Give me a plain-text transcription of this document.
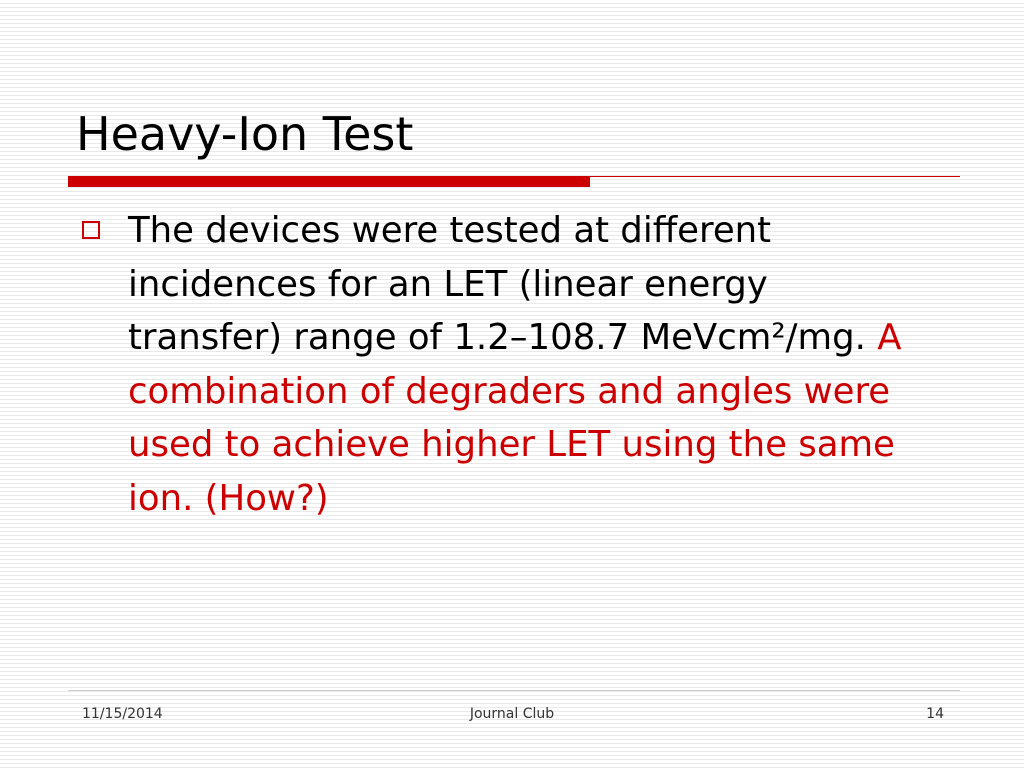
Heavy-Ion Test
The devices were tested at different incidences for an LET (linear energy transfer) range of 1.2–108.7 MeVcm²/mg. A combination of degraders and angles were used to achieve higher LET using the same ion. (How?)
11/15/2014	Journal Club	14
